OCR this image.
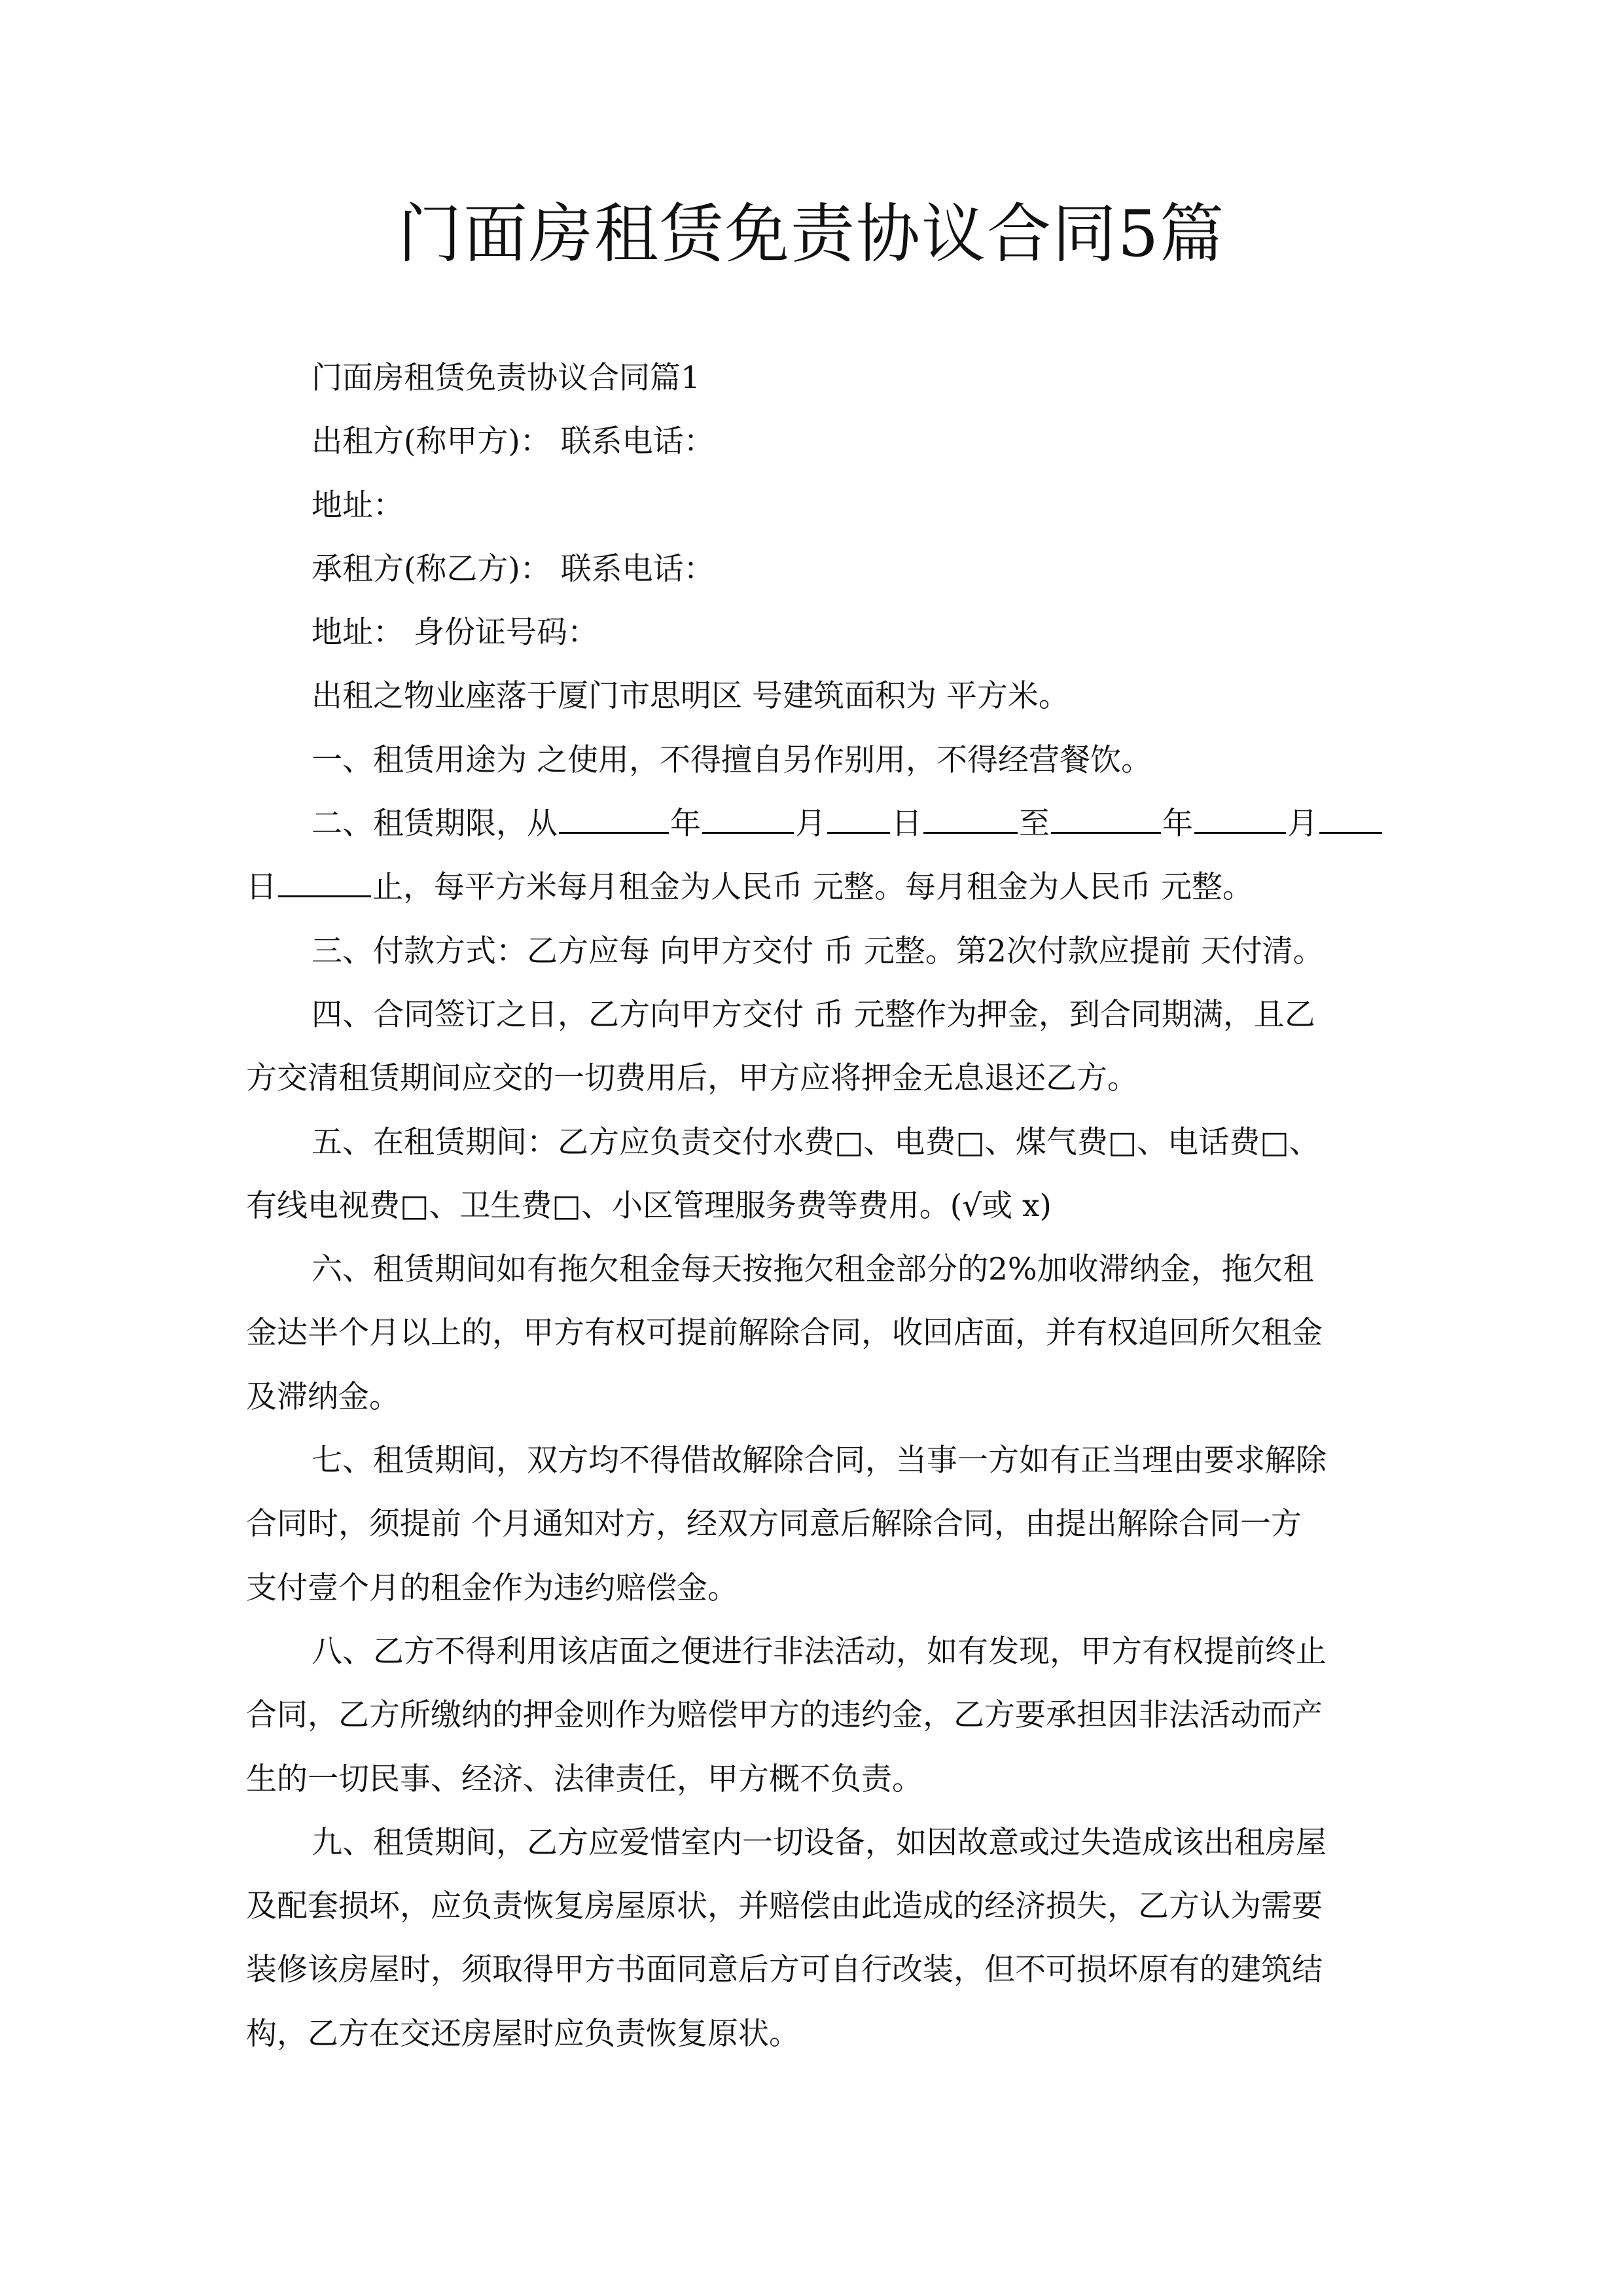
门面房租赁免责协议合同5篇
门面房租赁免责协议合同篇1
出租方(称甲方)： 联系电话：
地址：
承租方(称乙方)： 联系电话：
地址： 身份证号码：
出租之物业座落于厦门市思明区 号建筑面积为 平方米。
一、租赁用途为 之使用，不得擅自另作别用，不得经营餐饮。
二、租赁期限，从	年	月 日	至	年	月
日	止，每平方米每月租金为人民币 元整。每月租金为人民币 元整。
三、付款方式：乙方应每 向甲方交付 币 元整。第2次付款应提前 天付清。
四、合同签订之日，乙方向甲方交付 币 元整作为押金，到合同期满，且乙
方交清租赁期间应交的一切费用后，甲方应将押金无息退还乙方。
五、在租赁期间：乙方应负责交付水费□、电费□、煤气费□、电话费□、
有线电视费□、卫生费□、小区管理服务费等费用。(√或 x)
六、租赁期间如有拖欠租金每天按拖欠租金部分的2%加收滞纳金，拖欠租
金达半个月以上的，甲方有权可提前解除合同，收回店面，并有权追回所欠租金
及滞纳金。
七、租赁期间，双方均不得借故解除合同，当事一方如有正当理由要求解除
合同时，须提前 个月通知对方，经双方同意后解除合同，由提出解除合同一方
支付壹个月的租金作为违约赔偿金。
八、乙方不得利用该店面之便进行非法活动，如有发现，甲方有权提前终止
合同，乙方所缴纳的押金则作为赔偿甲方的违约金，乙方要承担因非法活动而产
生的一切民事、经济、法律责任，甲方概不负责。
九、租赁期间，乙方应爱惜室内一切设备，如因故意或过失造成该出租房屋
及配套损坏，应负责恢复房屋原状，并赔偿由此造成的经济损失，乙方认为需要
装修该房屋时，须取得甲方书面同意后方可自行改装，但不可损坏原有的建筑结
构，乙方在交还房屋时应负责恢复原状。
